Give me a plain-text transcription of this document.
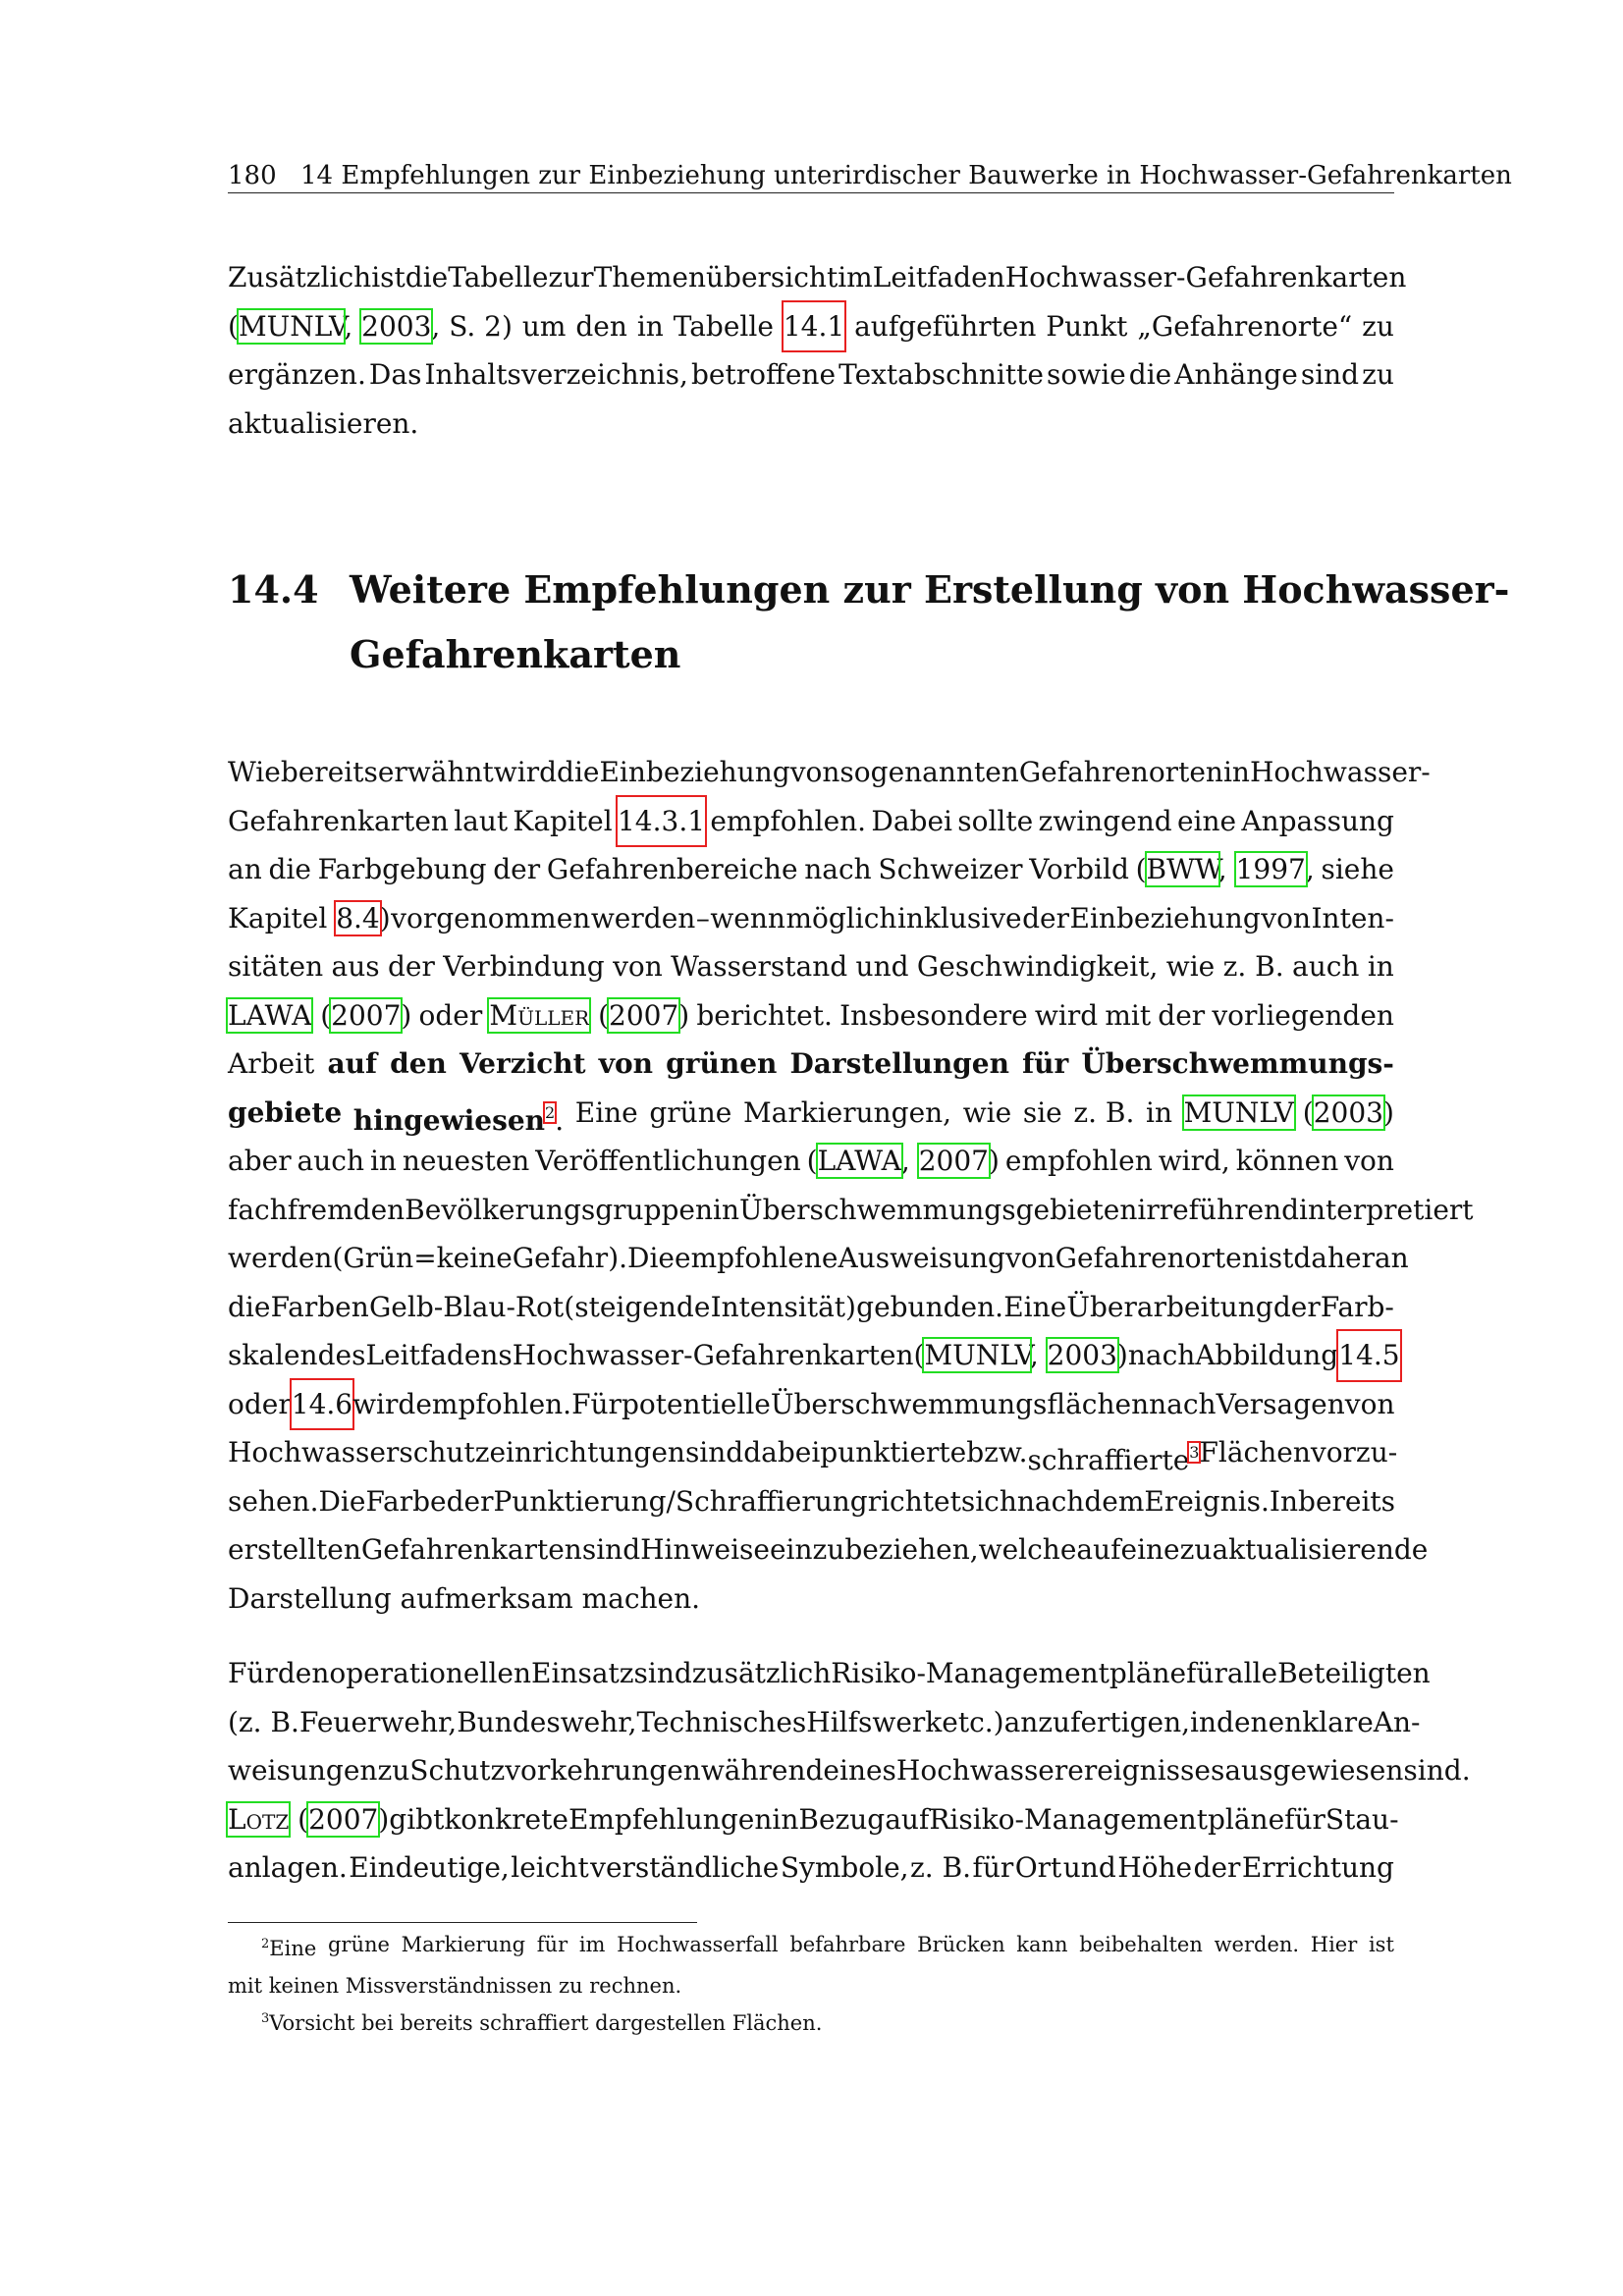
180 14 Empfehlungen zur Einbeziehung unterirdischer Bauwerke in Hochwasser-Gefahrenkarten
Zusätzlich ist die Tabelle zur Themenübersicht im Leitfaden Hochwasser-Gefahrenkarten
(MUNLV, 2003, S. 2) um den in Tabelle 14.1 aufgeführten Punkt „Gefahrenorte“ zu
ergänzen. Das Inhaltsverzeichnis, betroffene Textabschnitte sowie die Anhänge sind zu
aktualisieren.
14.4 Weitere Empfehlungen zur Erstellung von Hochwasser-
Gefahrenkarten
Wie bereits erwähnt wird die Einbeziehung von so genannten Gefahrenorten in Hochwasser-
Gefahrenkarten laut Kapitel 14.3.1 empfohlen. Dabei sollte zwingend eine Anpassung
an die Farbgebung der Gefahrenbereiche nach Schweizer Vorbild (BWW, 1997, siehe
Kapitel 8.4) vorgenommen werden – wenn möglich inklusive der Einbeziehung von Inten-
sitäten aus der Verbindung von Wasserstand und Geschwindigkeit, wie z. B. auch in
LAWA (2007) oder Müller (2007) berichtet. Insbesondere wird mit der vorliegenden
Arbeit auf den Verzicht von grünen Darstellungen für Überschwemmungs-
gebiete hingewiesen$^2$. Eine grüne Markierungen, wie sie z. B. in MUNLV (2003)
aber auch in neuesten Veröffentlichungen (LAWA, 2007) empfohlen wird, können von
fachfremden Bevölkerungsgruppen in Überschwemmungsgebieten irreführend interpretiert
werden (Grün = keine Gefahr). Die empfohlene Ausweisung von Gefahrenorten ist daher an
die Farben Gelb-Blau-Rot (steigende Intensität) gebunden. Eine Überarbeitung der Farb-
skalen des Leitfadens Hochwasser-Gefahrenkarten (MUNLV, 2003) nach Abbildung 14.5
oder 14.6 wird empfohlen. Für potentielle Überschwemmungsflächen nach Versagen von
Hochwasserschutzeinrichtungen sind dabei punktierte bzw. schraffierte$^3$ Flächen vorzu-
sehen. Die Farbe der Punktierung/Schraffierung richtet sich nach dem Ereignis. In bereits
erstellten Gefahrenkarten sind Hinweise einzubeziehen, welche auf eine zu aktualisierende
Darstellung aufmerksam machen.
Für den operationellen Einsatz sind zusätzlich Risiko-Managementpläne für alle Beteiligten
(z. B. Feuerwehr, Bundeswehr, Technisches Hilfswerk etc.) anzufertigen, in denen klare An-
weisungen zu Schutzvorkehrungen während eines Hochwasserereignisses ausgewiesen sind.
Lotz (2007) gibt konkrete Empfehlungen in Bezug auf Risiko-Managementpläne für Stau-
anlagen. Eindeutige, leicht verständliche Symbole, z. B. für Ort und Höhe der Errichtung
$^2$Eine grüne Markierung für im Hochwasserfall befahrbare Brücken kann beibehalten werden. Hier ist
mit keinen Missverständnissen zu rechnen.
$^3$Vorsicht bei bereits schraffiert dargestellen Flächen.
